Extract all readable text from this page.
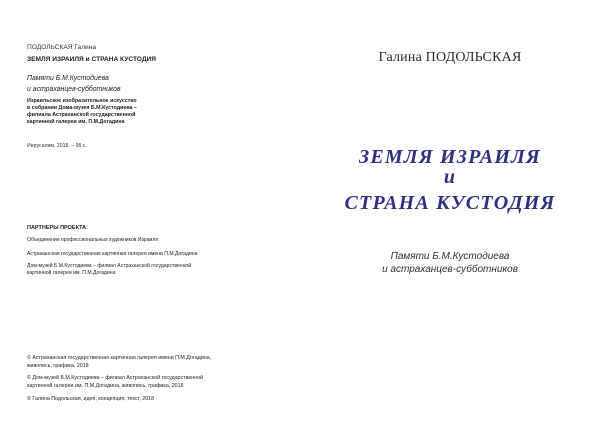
ПОДОЛЬСКАЯ Галина
ЗЕМЛЯ ИЗРАИЛЯ и СТРАНА КУСТОДИЯ
Памяти Б.М.Кустодиева
и астраханцев-субботников
Израильское изобразительное искусство
в собрании Дома-музея Б.М.Кустодиева –
филиала Астраханской государственной
картинной галереи им. П.М.Догадина
Иерусалим, 2018. – 96 с.
ПАРТНЕРЫ ПРОЕКТА:
Объединение профессиональных художников Израиля
Астраханская государственная картинная галерея имени П.М.Догадина
Дом-музей Б.М.Кустодиева – филиал Астраханской государственной
картинной галереи им. П.М.Догадина
© Астраханская государственная картинная галерея имени П.М.Догадина,
живопись, графика, 2018
© Дом-музей Б.М.Кустодиева – филиал Астраханской государственной
картинной галереи им. П.М.Догадина, живопись, графика, 2018
© Галина Подольская, идея, концепция, текст, 2018
Галина ПОДОЛЬСКАЯ
ЗЕМЛЯ ИЗРАИЛЯ
и
СТРАНА КУСТОДИЯ
Памяти Б.М.Кустодиева
и астраханцев-субботников
